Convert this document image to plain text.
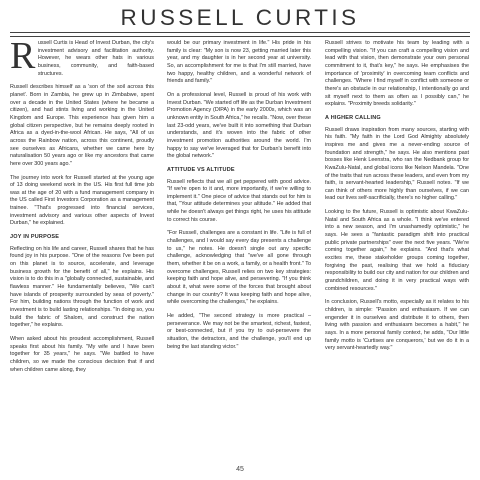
RUSSELL CURTIS
R ussell Curtis is Head of Invest Durban, the city's investment advisory and facilitation authority. However, he wears other hats in various business, community, and faith-based structures.

Russell describes himself as a 'son of the soil across this planet'. Born in Zambia, he grew up in Zimbabwe, spent over a decade in the United States (where he became a citizen), and had stints living and working in the United Kingdom and Europe. This experience has given him a global citizen perspective, but he remains deeply rooted in Africa as a dyed-in-the-wool African. He says, "All of us across the Rainbow nation, across this continent, proudly see ourselves as Africans, whether we came here by naturalisation 50 years ago or like my ancestors that came here over 300 years ago."

The journey into work for Russell started at the young age of 13 doing weekend work in the US. His first full time job was at the age of 20 with a fund management company in the US called First Investors Corporation as a management trainee. "That's progressed into financial services, investment advisory and various other aspects of Invest Durban," he explained.

JOY IN PURPOSE

Reflecting on his life and career, Russell shares that he has found joy in his purpose. "One of the reasons I've been put on this planet is to source, accelerate, and leverage business growth for the benefit of all," he explains. His vision is to do this in a "globally connected, sustainable, and flawless manner." He fundamentally believes, "We can't have islands of prosperity surrounded by seas of poverty." For him, building nations through the function of work and investment is to build lasting relationships. "In doing so, you build the fabric of Shalom, and construct the nation together," he explains.

When asked about his proudest accomplishment, Russell speaks first about his family. "My wife and I have been together for 35 years," he says. "We battled to have children, so we made the conscious decision that if and when children came along, they

would be our primary investment in life." His pride in his family is clear: "My son is now 23, getting married later this year, and my daughter is in her second year at university. So, an accomplishment for me is that I'm still married, have two happy, healthy children, and a wonderful network of friends and family."

On a professional level, Russell is proud of his work with Invest Durban. "We started off life as the Durban Investment Promotion Agency (DIPA) in the early 2000s, which was an unknown entity in South Africa," he recalls. "Now, over these last 23-odd years, we've built it into something that Durban understands, and it's woven into the fabric of other investment promotion authorities around the world. I'm happy to say we've leveraged that for Durban's benefit into the global network."

ATTITUDE VS ALTITUDE

Russell reflects that we all get peppered with good advice. "If we're open to it and, more importantly, if we're willing to implement it." One piece of advice that stands out for him is that, "Your attitude determines your altitude." He added that while he doesn't always get things right, he uses his attitude to correct his course.

"For Russell, challenges are a constant in life. "Life is full of challenges, and I would say every day presents a challenge to us," he notes. He doesn't single out any specific challenge, acknowledging that "we've all gone through them, whether it be on a work, a family, or a health front." To overcome challenges, Russell relies on two key strategies: keeping faith and hope alive, and persevering. "If you think about it, what were some of the forces that brought about change in our country? It was keeping faith and hope alive, while overcoming the challenges," he explains.

He added, "The second strategy is more practical – perseverance. We may not be the smartest, richest, fastest, or best-connected, but if you try to out-persevere the situation, the detractors, and the challenge, you'll end up being the last standing victor."

Russell strives to motivate his team by leading with a compelling vision. "If you can craft a compelling vision and lead with that vision, then demonstrate your own personal commitment to it, that's key," he says. He emphasises the importance of 'proximity' in overcoming team conflicts and challenges. "Where I find myself in conflict with someone or there's an obstacle in our relationship, I intentionally go and sit myself next to them as often as I possibly can," he explains. "Proximity breeds solidarity."

A HIGHER CALLING

Russell draws inspiration from many sources, starting with his faith. "My faith in the Lord God Almighty absolutely inspires me and gives me a never-ending source of foundation and strength," he says. He also mentions past bosses like Henk Leenstra, who ran the Nedbank group for KwaZulu-Natal, and global icons like Nelson Mandela. "One of the traits that run across these leaders, and even from my faith, is servant-hearted leadership," Russell notes. "If we can think of others more highly than ourselves, if we can lead our lives self-sacrificially, there's no higher calling."

Looking to the future, Russell is optimistic about KwaZulu-Natal and South Africa as a whole. "I think we've entered into a new season, and I'm unashamedly optimistic," he says. He sees a "fantastic paradigm shift into practical public private partnerships" over the next five years. "We're coming together again," he explains. "And that's what excites me, these stakeholder groups coming together, forgiving the past, realising that we hold a fiduciary responsibility to build our city and nation for our children and grandchildren, and doing it in very practical ways with combined resources."

In conclusion, Russell's motto, especially as it relates to his children, is simple: "Passion and enthusiasm. If we can engender it in ourselves and distribute it to others, then living with passion and enthusiasm becomes a habit," he says. In a more personal family context, he adds, "Our little family motto is 'Curtises are conquerors,' but we do it in a very servant-heartedly way."

45
